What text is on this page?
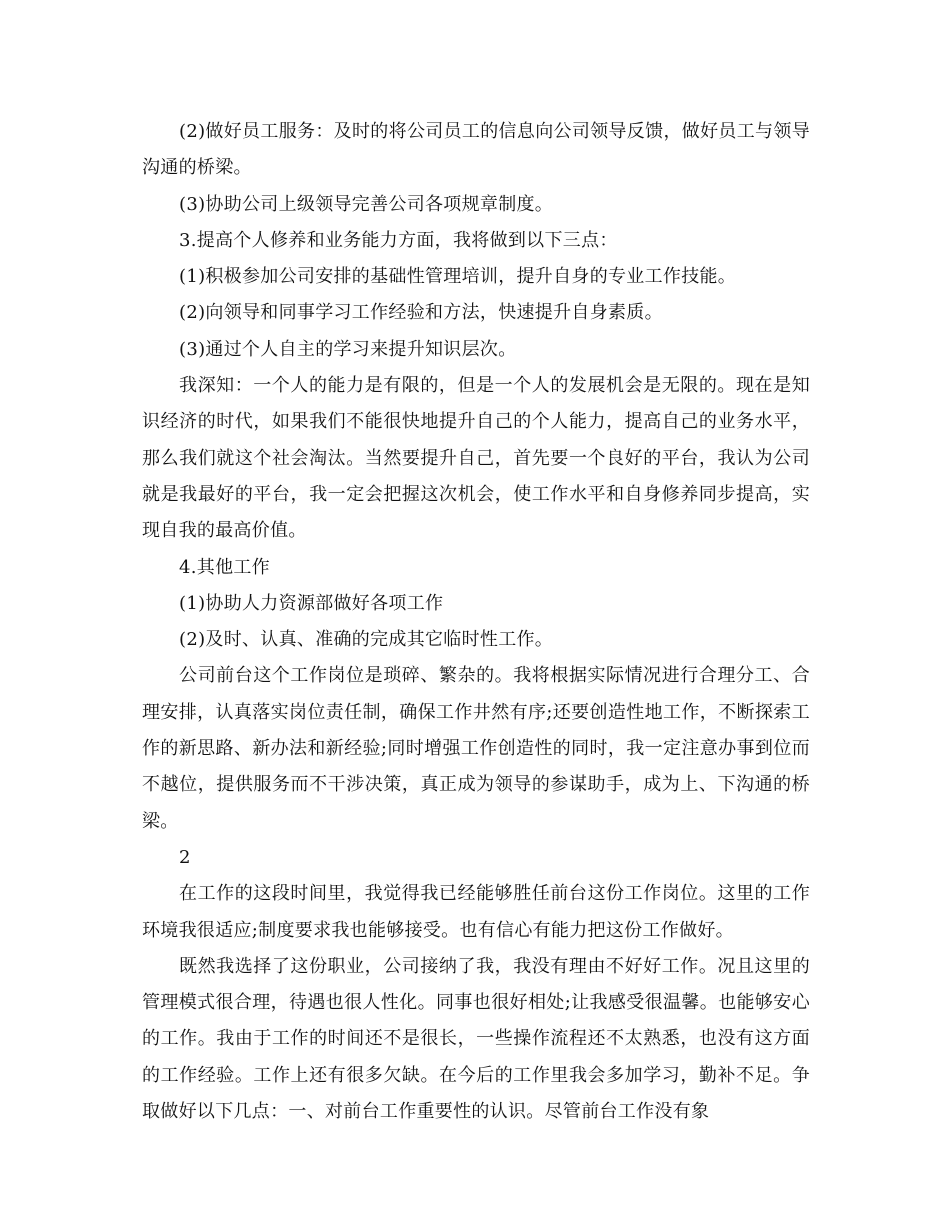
(2)做好员工服务：及时的将公司员工的信息向公司领导反馈，做好员工与领导沟通的桥梁。

(3)协助公司上级领导完善公司各项规章制度。

3.提高个人修养和业务能力方面，我将做到以下三点：

(1)积极参加公司安排的基础性管理培训，提升自身的专业工作技能。

(2)向领导和同事学习工作经验和方法，快速提升自身素质。

(3)通过个人自主的学习来提升知识层次。

我深知：一个人的能力是有限的，但是一个人的发展机会是无限的。现在是知识经济的时代，如果我们不能很快地提升自己的个人能力，提高自己的业务水平，那么我们就这个社会淘汰。当然要提升自己，首先要一个良好的平台，我认为公司就是我最好的平台，我一定会把握这次机会，使工作水平和自身修养同步提高，实现自我的最高价值。

4.其他工作

(1)协助人力资源部做好各项工作

(2)及时、认真、准确的完成其它临时性工作。

公司前台这个工作岗位是琐碎、繁杂的。我将根据实际情况进行合理分工、合理安排，认真落实岗位责任制，确保工作井然有序;还要创造性地工作，不断探索工作的新思路、新办法和新经验;同时增强工作创造性的同时，我一定注意办事到位而不越位，提供服务而不干涉决策，真正成为领导的参谋助手，成为上、下沟通的桥梁。

2

在工作的这段时间里，我觉得我已经能够胜任前台这份工作岗位。这里的工作环境我很适应;制度要求我也能够接受。也有信心有能力把这份工作做好。

既然我选择了这份职业，公司接纳了我，我没有理由不好好工作。况且这里的管理模式很合理，待遇也很人性化。同事也很好相处;让我感受很温馨。也能够安心的工作。我由于工作的时间还不是很长，一些操作流程还不太熟悉，也没有这方面的工作经验。工作上还有很多欠缺。在今后的工作里我会多加学习，勤补不足。争取做好以下几点：一、对前台工作重要性的认识。尽管前台工作没有象
